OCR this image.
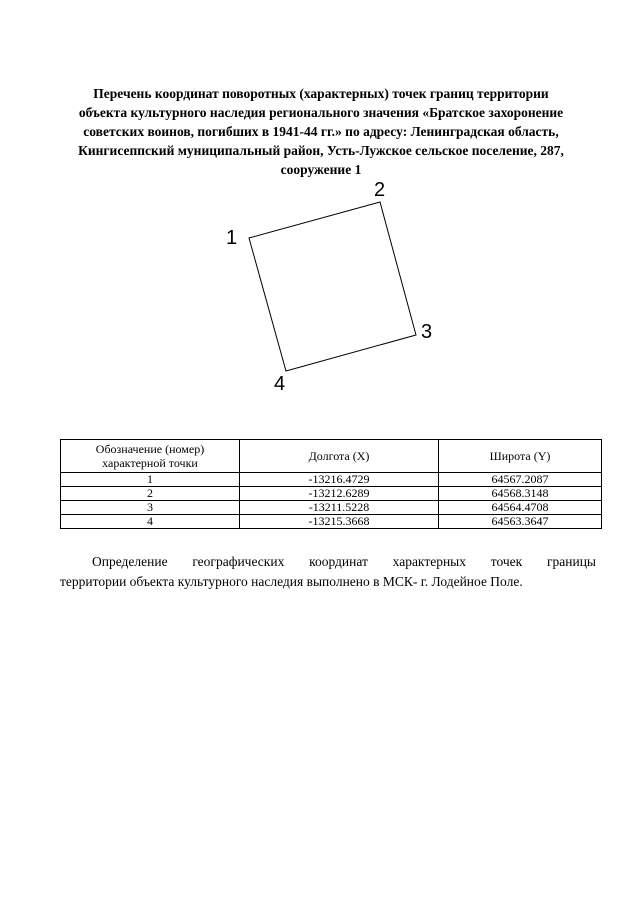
Перечень координат поворотных (характерных) точек границ территории
объекта культурного наследия регионального значения «Братское захоронение
советских воинов, погибших в 1941-44 гг.» по адресу: Ленинградская область,
Кингисеппский муниципальный район, Усть-Лужское сельское поселение, 287,
сооружение 1
1
2
3
4
Обозначение (номер) характерной точки	Долгота (X)	Широта (Y)
1	-13216.4729	64567.2087
2	-13212.6289	64568.3148
3	-13211.5228	64564.4708
4	-13215.3668	64563.3647
Определение географических координат характерных точек границы
территории объекта культурного наследия выполнено в МСК- г. Лодейное Поле.
